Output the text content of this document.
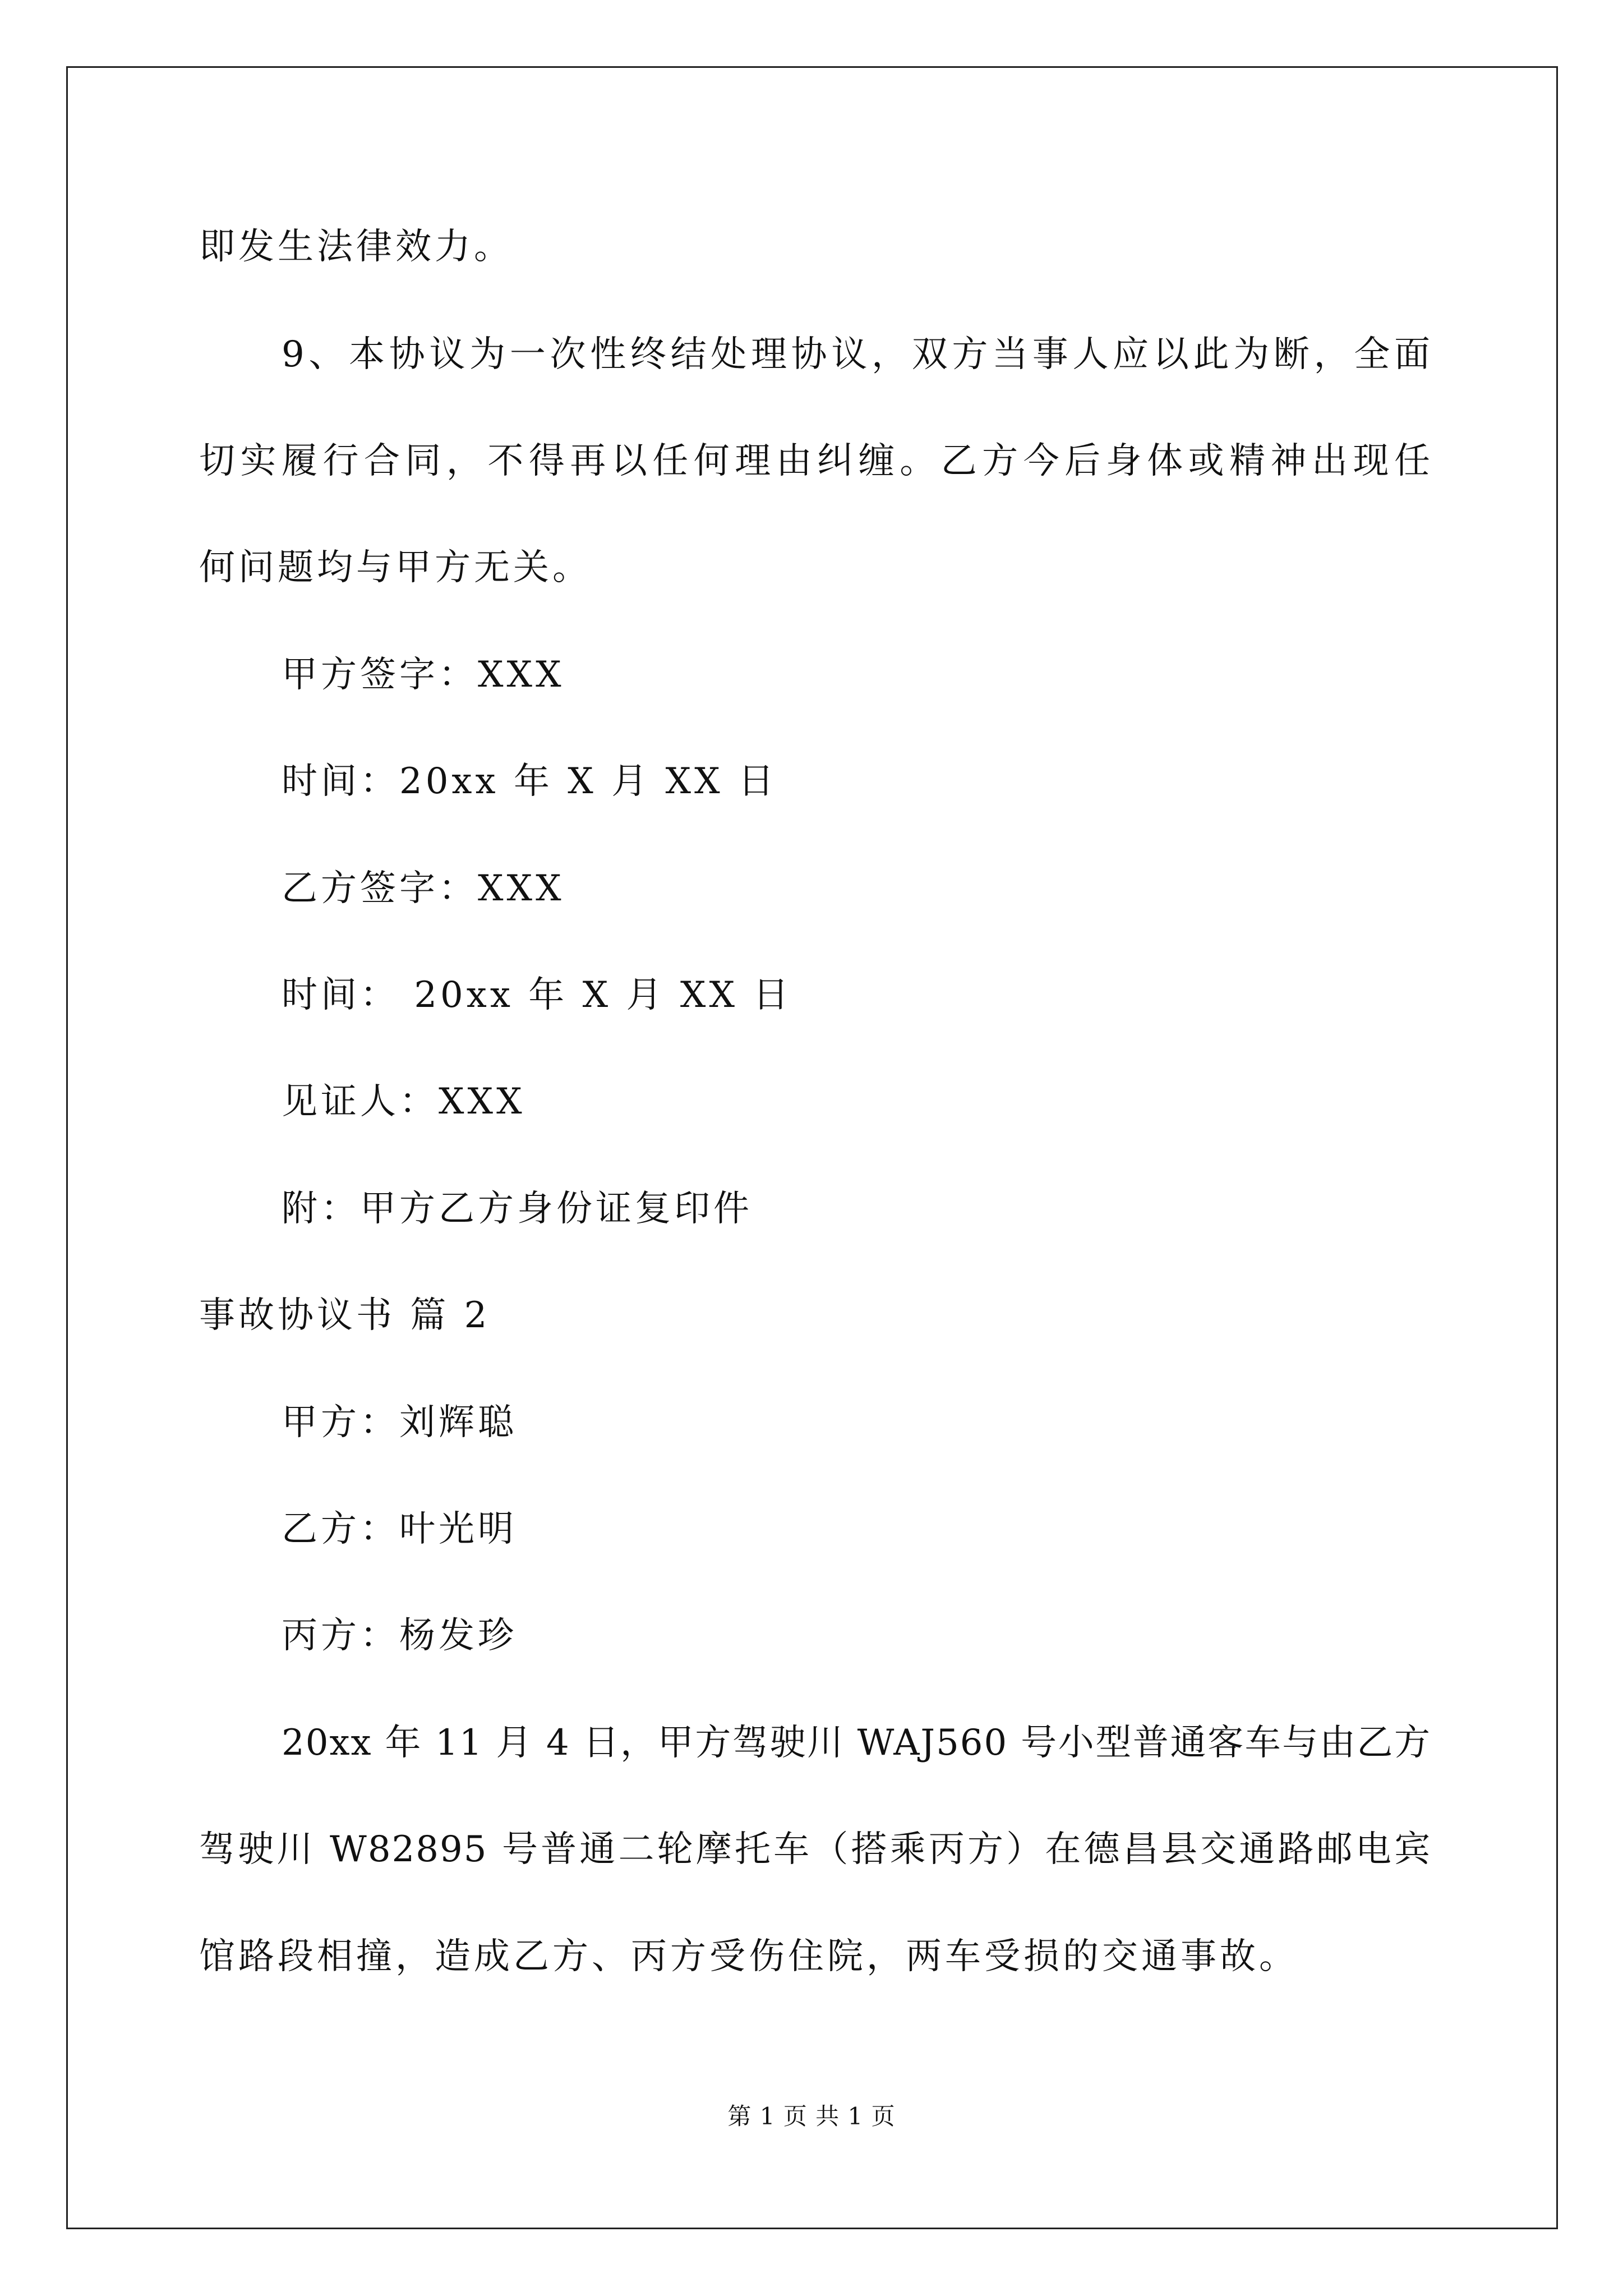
即发生法律效力。
9、本协议为一次性终结处理协议，双方当事人应以此为断，全面
切实履行合同，不得再以任何理由纠缠。乙方今后身体或精神出现任
何问题均与甲方无关。
甲方签字：XXX
时间：20xx 年 X 月 XX 日
乙方签字：XXX
时间： 20xx 年 X 月 XX 日
见证人：XXX
附：甲方乙方身份证复印件
事故协议书 篇 2
甲方：刘辉聪
乙方：叶光明
丙方：杨发珍
20xx 年 11 月 4 日，甲方驾驶川 WAJ560 号小型普通客车与由乙方
驾驶川 W82895 号普通二轮摩托车（搭乘丙方）在德昌县交通路邮电宾
馆路段相撞，造成乙方、丙方受伤住院，两车受损的交通事故。
第 1 页 共 1 页
